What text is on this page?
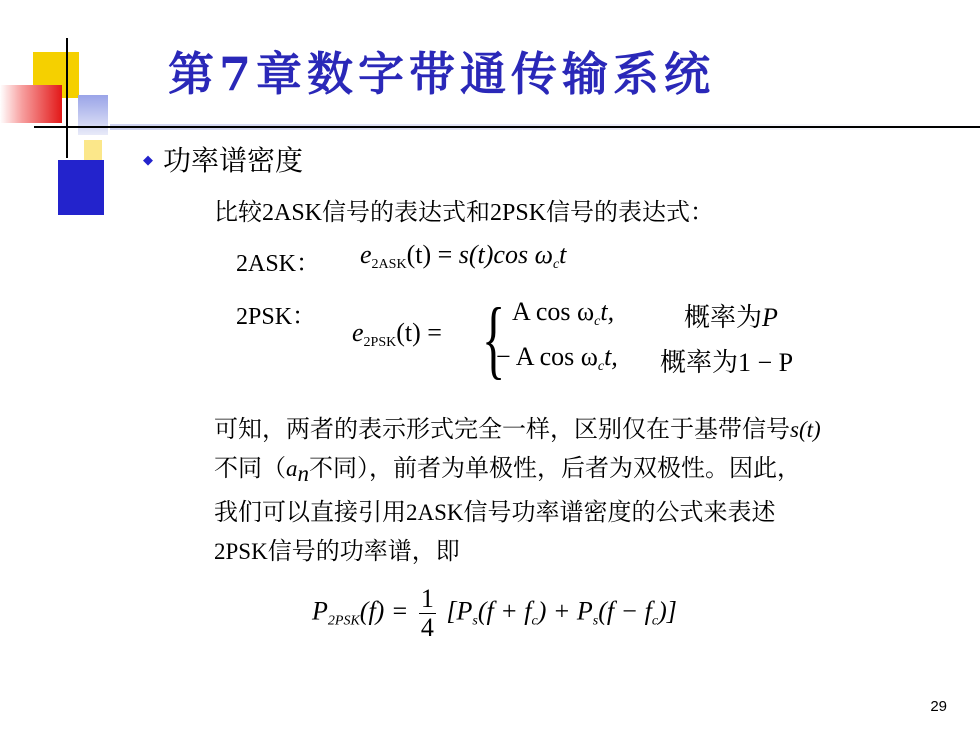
第7章数字带通传输系统
◆ 功率谱密度
比较2ASK信号的表达式和2PSK信号的表达式：
2ASK： $e_{2ASK}(t) = s(t)\cos$ $\omega_ct$
2PSK：
$e_{2PSK}(t)$ = { A $\cos \omega_ct$,	概率为P
− A $\cos \omega_ct$, 概率为1 − P
可知，两者的表示形式完全一样，区别仅在于基带信号s(t)
不同（$a_n$不同），前者为单极性，后者为双极性。因此，
我们可以直接引用2ASK信号功率谱密度的公式来表述
2PSK信号的功率谱，即
$P_{2PSK}(f) = \frac{1}{4} [P_s(f + f_c) + P_s(f - f_c)]$
29
